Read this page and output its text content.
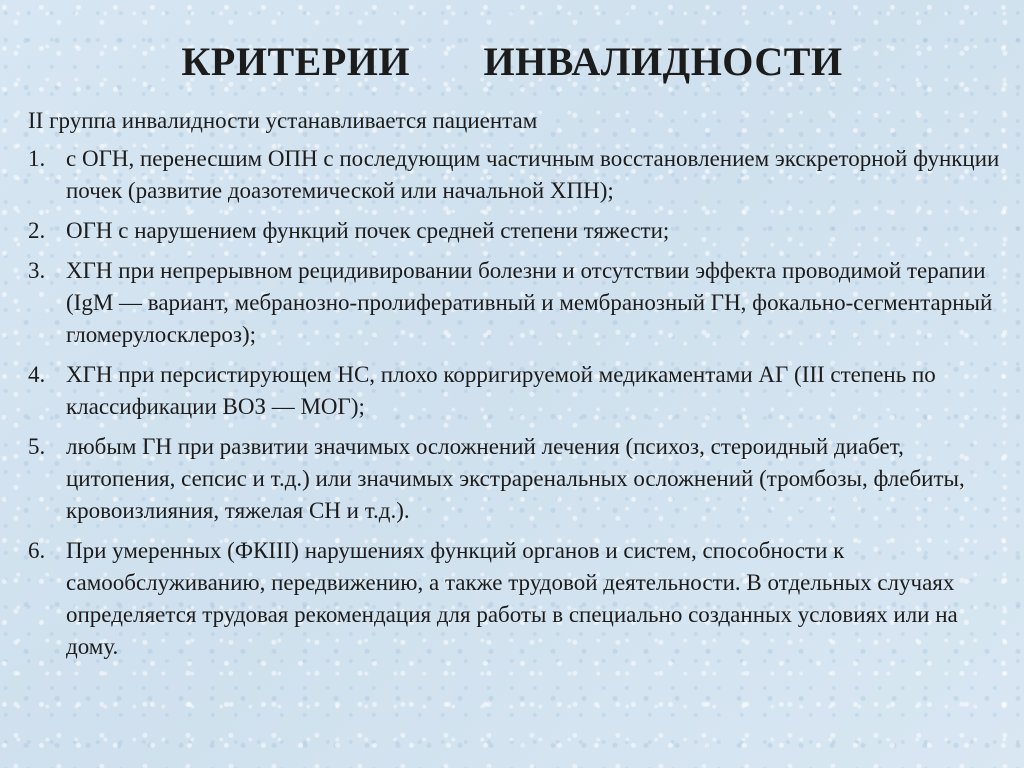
КРИТЕРИИ   ИНВАЛИДНОСТИ

II группа инвалидности устанавливается пациентам

1. с ОГН, перенесшим ОПН с последующим частичным восстановлением экскреторной функции почек (развитие доазотемической или начальной ХПН);
2. ОГН с нарушением функций почек средней степени тяжести;
3. ХГН при непрерывном рецидивировании болезни и отсутствии эффекта проводимой терапии (IgM — вариант, мебранозно-пролиферативный и мембранозный ГН, фокально-сегментарный гломерулосклероз);
4. ХГН при персистирующем НС, плохо корригируемой медикаментами АГ (III степень по классификации ВОЗ — МОГ);
5. любым ГН при развитии значимых осложнений лечения (психоз, стероидный диабет, цитопения, сепсис и т.д.) или значимых экстраренальных осложнений (тромбозы, флебиты, кровоизлияния, тяжелая СН и т.д.).
6. При умеренных (ФКIII) нарушениях функций органов и систем, способности к самообслуживанию, передвижению, а также трудовой деятельности. В отдельных случаях определяется трудовая рекомендация для работы в специально созданных условиях или на дому.
